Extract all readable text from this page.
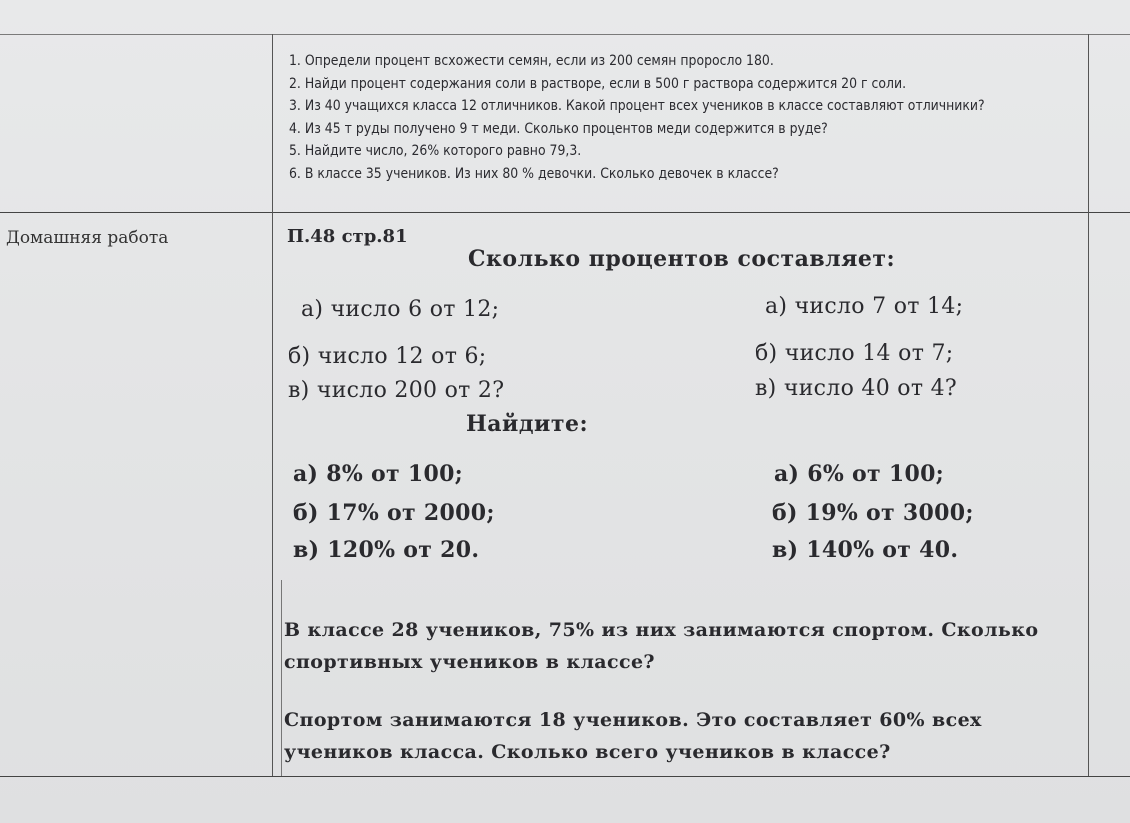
1. Определи процент всхожести семян, если из 200 семян проросло 180.
2. Найди процент содержания соли в растворе, если в 500 г раствора содержится 20 г соли.
3. Из 40 учащихся класса 12 отличников. Какой процент всех учеников в классе составляют отличники?
4. Из 45 т руды получено 9 т меди. Сколько процентов меди содержится в руде?
5. Найдите число, 26% которого равно 79,3.
6. В классе 35 учеников. Из них 80 % девочки. Сколько девочек в классе?
Домашняя работа	П.48 стр.81
Сколько процентов составляет:
а) число 6 от 12;
б) число 12 от 6;
в) число 200 от 2?
а) число 7 от 14;
б) число 14 от 7;
в) число 40 от 4?
Найдите:
а) 8% от 100;
б) 17% от 2000;
в) 120% от 20.
а) 6% от 100;
б) 19% от 3000;
в) 140% от 40.
В классе 28 учеников, 75% из них занимаются спортом. Сколько спортивных учеников в классе?
Спортом занимаются 18 учеников. Это составляет 60% всех учеников класса. Сколько всего учеников в классе?
